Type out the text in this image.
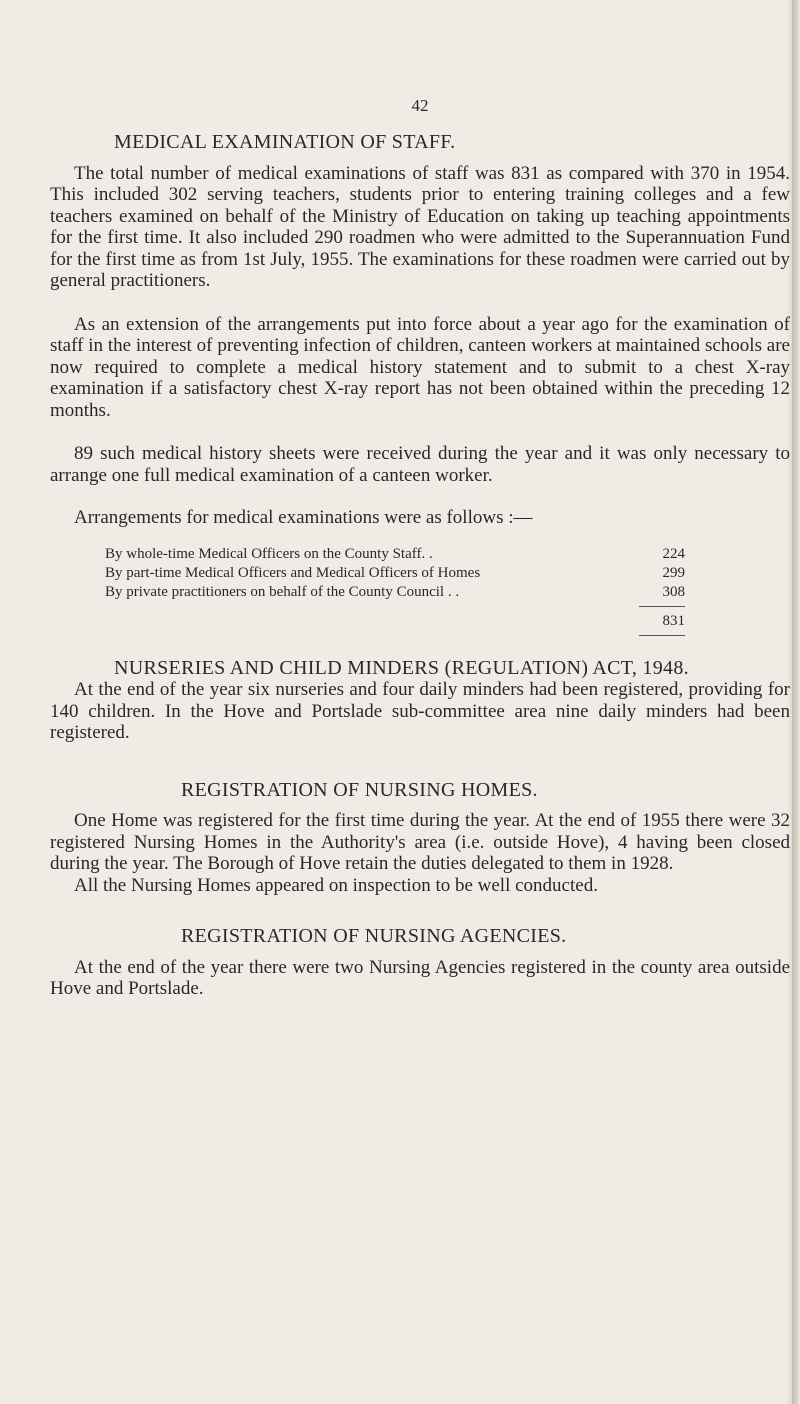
42
MEDICAL EXAMINATION OF STAFF.

The total number of medical examinations of staff was 831 as compared with 370 in 1954. This included 302 serving teachers, students prior to entering training colleges and a few teachers examined on behalf of the Ministry of Education on taking up teaching appointments for the first time. It also included 290 roadmen who were admitted to the Superannuation Fund for the first time as from 1st July, 1955. The examinations for these roadmen were carried out by general practitioners.

As an extension of the arrangements put into force about a year ago for the examination of staff in the interest of preventing infection of children, canteen workers at maintained schools are now required to complete a medical history statement and to submit to a chest X-ray examination if a satisfactory chest X-ray report has not been obtained within the preceding 12 months.

89 such medical history sheets were received during the year and it was only necessary to arrange one full medical examination of a canteen worker.

Arrangements for medical examinations were as follows :—

By whole-time Medical Officers on the County Staff. .	224
By part-time Medical Officers and Medical Officers of Homes	299
By private practitioners on behalf of the County Council . .	308
831
NURSERIES AND CHILD MINDERS (REGULATION) ACT, 1948.

At the end of the year six nurseries and four daily minders had been registered, providing for 140 children. In the Hove and Portslade sub-committee area nine daily minders had been registered.

REGISTRATION OF NURSING HOMES.

One Home was registered for the first time during the year. At the end of 1955 there were 32 registered Nursing Homes in the Authority's area (i.e. outside Hove), 4 having been closed during the year. The Borough of Hove retain the duties delegated to them in 1928.

All the Nursing Homes appeared on inspection to be well conducted.

REGISTRATION OF NURSING AGENCIES.

At the end of the year there were two Nursing Agencies registered in the county area outside Hove and Portslade.
